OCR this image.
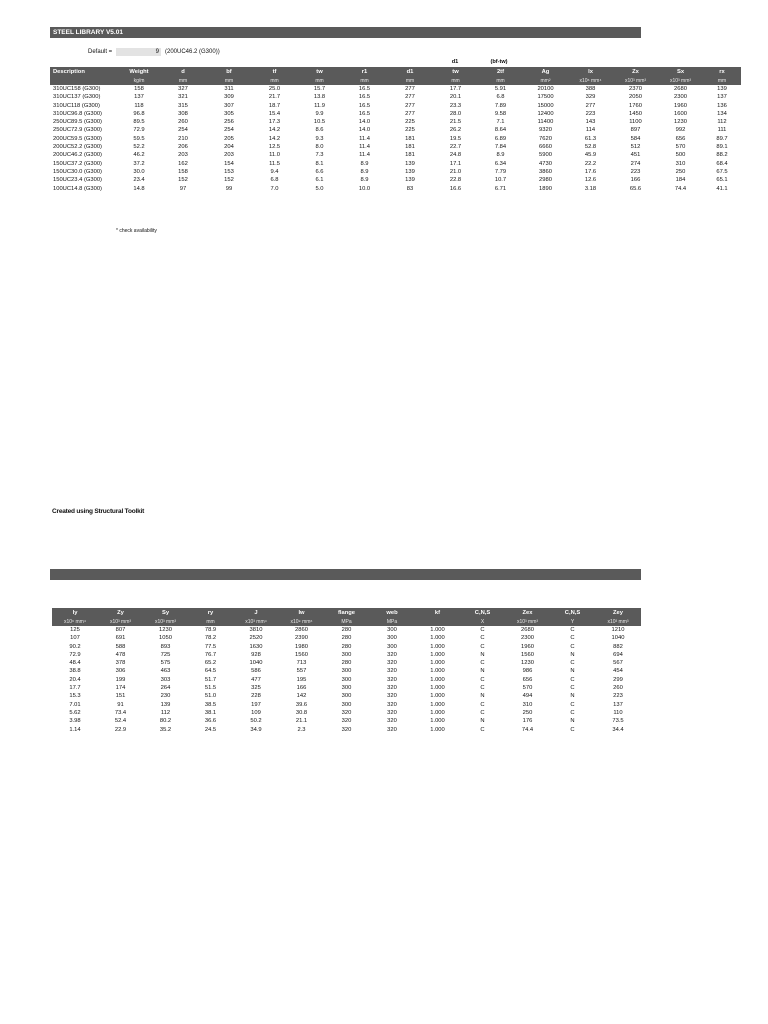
STEEL LIBRARY V5.01
Default =	9	(200UC46.2 (G300))
d1	(bf-tw)
Description	Weight	d	bf	tf	tw	r1	d1	tw	2tf	Ag	Ix	Zx	Sx	rx
	kg/m	mm	mm	mm	mm	mm	mm	mm	mm	mm²	x10⁶ mm⁴	x10³ mm³	x10³ mm³	mm
310UC158 (G300)	158	327	311	25.0	15.7	16.5	277	17.7	5.91	20100	388	2370	2680	139
310UC137 (G300)	137	321	309	21.7	13.8	16.5	277	20.1	6.8	17500	329	2050	2300	137
310UC118 (G300)	118	315	307	18.7	11.9	16.5	277	23.3	7.89	15000	277	1760	1960	136
310UC96.8 (G300)	96.8	308	305	15.4	9.9	16.5	277	28.0	9.58	12400	223	1450	1600	134
250UC89.5 (G300)	89.5	260	256	17.3	10.5	14.0	225	21.5	7.1	11400	143	1100	1230	112
250UC72.9 (G300)	72.9	254	254	14.2	8.6	14.0	225	26.2	8.64	9320	114	897	992	111
200UC59.5 (G300)	59.5	210	205	14.2	9.3	11.4	181	19.5	6.89	7620	61.3	584	656	89.7
200UC52.2 (G300)	52.2	206	204	12.5	8.0	11.4	181	22.7	7.84	6660	52.8	512	570	89.1
200UC46.2 (G300)	46.2	203	203	11.0	7.3	11.4	181	24.8	8.9	5900	45.9	451	500	88.2
150UC37.2 (G300)	37.2	162	154	11.5	8.1	8.9	139	17.1	6.34	4730	22.2	274	310	68.4
150UC30.0 (G300)	30.0	158	153	9.4	6.6	8.9	139	21.0	7.79	3860	17.6	223	250	67.5
150UC23.4 (G300)	23.4	152	152	6.8	6.1	8.9	139	22.8	10.7	2980	12.6	166	184	65.1
100UC14.8 (G300)	14.8	97	99	7.0	5.0	10.0	83	16.6	6.71	1890	3.18	65.6	74.4	41.1
* check availability
Created using Structural Toolkit
Iy	Zy	Sy	ry	J	Iw	flange	web	kf	C,N,S	Zex	C,N,S	Zey
x10⁶ mm⁴	x10³ mm³	x10³ mm³	mm	x10³ mm⁴	x10⁹ mm⁶	MPa	MPa		X	x10³ mm³	Y	x10³ mm³
125	807	1230	78.9	3810	2860	280	300	1.000	C	2680	C	1210
107	691	1050	78.2	2520	2390	280	300	1.000	C	2300	C	1040
90.2	588	893	77.5	1630	1980	280	300	1.000	C	1960	C	882
72.9	478	725	76.7	928	1560	300	320	1.000	N	1560	N	694
48.4	378	575	65.2	1040	713	280	320	1.000	C	1230	C	567
38.8	306	463	64.5	586	557	300	320	1.000	N	986	N	454
20.4	199	303	51.7	477	195	300	320	1.000	C	656	C	299
17.7	174	264	51.5	325	166	300	320	1.000	C	570	C	260
15.3	151	230	51.0	228	142	300	320	1.000	N	494	N	223
7.01	91	139	38.5	197	39.6	300	320	1.000	C	310	C	137
5.62	73.4	112	38.1	109	30.8	320	320	1.000	C	250	C	110
3.98	52.4	80.2	36.6	50.2	21.1	320	320	1.000	N	176	N	73.5
1.14	22.9	35.2	24.5	34.9	2.3	320	320	1.000	C	74.4	C	34.4
